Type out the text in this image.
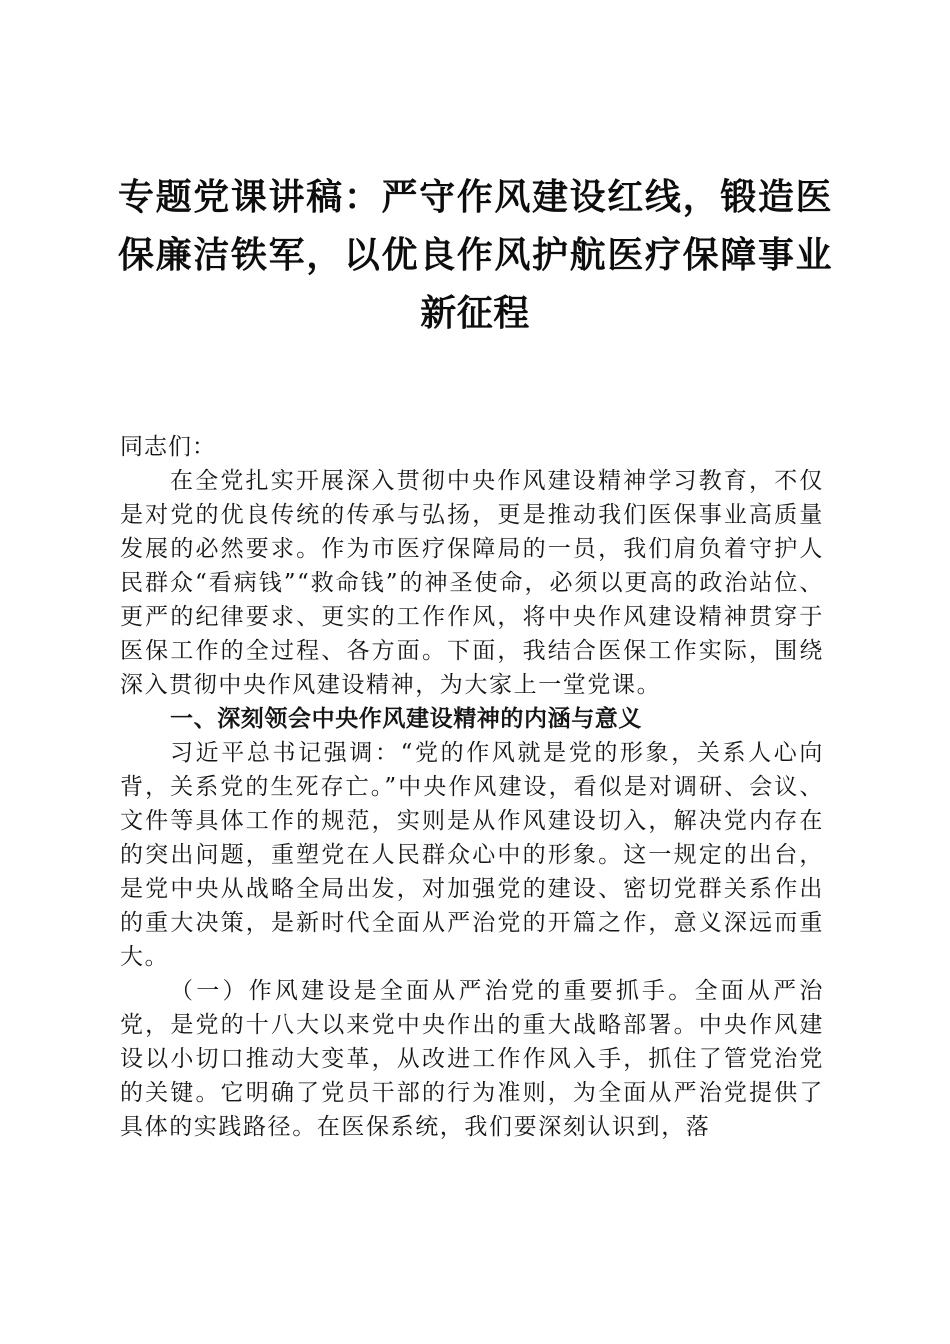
专题党课讲稿：严守作风建设红线，锻造医保廉洁铁军，以优良作风护航医疗保障事业新征程

同志们：

在全党扎实开展深入贯彻中央作风建设精神学习教育，不仅是对党的优良传统的传承与弘扬，更是推动我们医保事业高质量发展的必然要求。作为市医疗保障局的一员，我们肩负着守护人民群众“看病钱”“救命钱”的神圣使命，必须以更高的政治站位、更严的纪律要求、更实的工作作风，将中央作风建设精神贯穿于医保工作的全过程、各方面。下面，我结合医保工作实际，围绕深入贯彻中央作风建设精神，为大家上一堂党课。

一、深刻领会中央作风建设精神的内涵与意义

习近平总书记强调：“党的作风就是党的形象，关系人心向背，关系党的生死存亡。”中央作风建设，看似是对调研、会议、文件等具体工作的规范，实则是从作风建设切入，解决党内存在的突出问题，重塑党在人民群众心中的形象。这一规定的出台，是党中央从战略全局出发，对加强党的建设、密切党群关系作出的重大决策，是新时代全面从严治党的开篇之作，意义深远而重大。

（一）作风建设是全面从严治党的重要抓手。全面从严治党，是党的十八大以来党中央作出的重大战略部署。中央作风建设以小切口推动大变革，从改进工作作风入手，抓住了管党治党的关键。它明确了党员干部的行为准则，为全面从严治党提供了具体的实践路径。在医保系统，我们要深刻认识到，落
